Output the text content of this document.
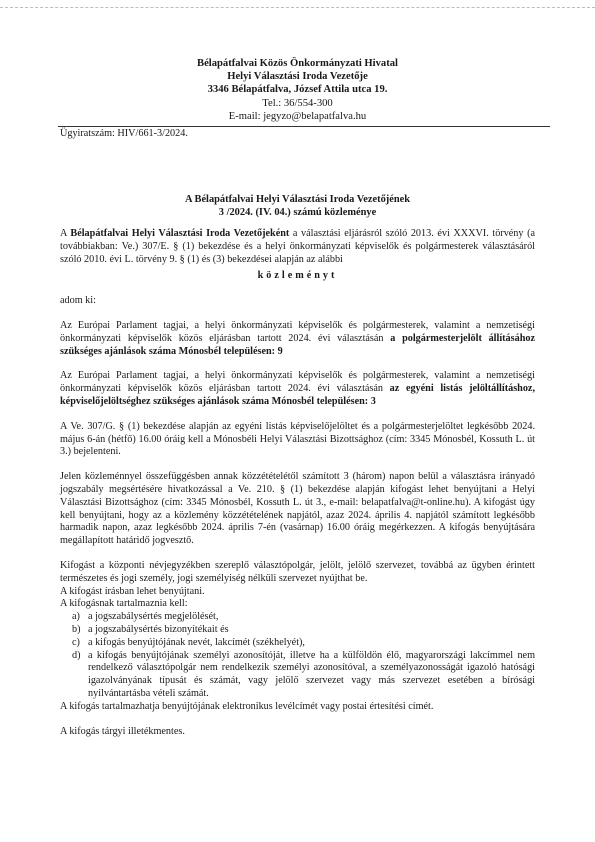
Bélapátfalvai Közös Önkormányzati Hivatal
Helyi Választási Iroda Vezetője
3346 Bélapátfalva, József Attila utca 19.
Tel.: 36/554-300
E-mail: jegyzo@belapatfalva.hu
Ügyiratszám: HIV/661-3/2024.
A Bélapátfalvai Helyi Választási Iroda Vezetőjének
3 /2024. (IV. 04.) számú közleménye

A Bélapátfalvai Helyi Választási Iroda Vezetőjeként a választási eljárásról szóló 2013. évi XXXVI. törvény (a továbbiakban: Ve.) 307/E. § (1) bekezdése és a helyi önkormányzati képviselők és polgármesterek választásáról szóló 2010. évi L. törvény 9. § (1) és (3) bekezdései alapján az alábbi

közleményt

adom ki:

Az Európai Parlament tagjai, a helyi önkormányzati képviselők és polgármesterek, valamint a nemzetiségi önkormányzati képviselők közös eljárásban tartott 2024. évi választásán a polgármesterjelölt állításához szükséges ajánlások száma Mónosbél településen: 9

Az Európai Parlament tagjai, a helyi önkormányzati képviselők és polgármesterek, valamint a nemzetiségi önkormányzati képviselők közös eljárásban tartott 2024. évi választásán az egyéni listás jelöltállításhoz, képviselőjelöltséghez szükséges ajánlások száma Mónosbél településen: 3

A Ve. 307/G. § (1) bekezdése alapján az egyéni listás képviselőjelöltet és a polgármesterjelöltet legkésőbb 2024. május 6-án (hétfő) 16.00 óráig kell a Mónosbéli Helyi Választási Bizottsághoz (cím: 3345 Mónosbél, Kossuth L. út 3.) bejelenteni.

Jelen közleménnyel összefüggésben annak közzétételétől számított 3 (három) napon belül a választásra irányadó jogszabály megsértésére hivatkozással a Ve. 210. § (1) bekezdése alapján kifogást lehet benyújtani a Helyi Választási Bizottsághoz (cím: 3345 Mónosbél, Kossuth L. út 3., e-mail: belapatfalva@t-online.hu). A kifogást úgy kell benyújtani, hogy az a közlemény közzétételének napjától, azaz 2024. április 4. napjától számított legkésőbb harmadik napon, azaz legkésőbb 2024. április 7-én (vasárnap) 16.00 óráig megérkezzen. A kifogás benyújtására megállapított határidő jogvesztő.

Kifogást a központi névjegyzékben szereplő választópolgár, jelölt, jelölő szervezet, továbbá az ügyben érintett természetes és jogi személy, jogi személyiség nélküli szervezet nyújthat be.

A kifogást írásban lehet benyújtani.

A kifogásnak tartalmaznia kell:

a) a jogszabálysértés megjelölését,
b) a jogszabálysértés bizonyítékait és
c) a kifogás benyújtójának nevét, lakcímét (székhelyét),
d) a kifogás benyújtójának személyi azonosítóját, illetve ha a külföldön élő, magyarországi lakcímmel nem rendelkező választópolgár nem rendelkezik személyi azonosítóval, a személyazonosságát igazoló hatósági igazolványának típusát és számát, vagy jelölő szervezet vagy más szervezet esetében a bírósági nyilvántartásba vételi számát.

A kifogás tartalmazhatja benyújtójának elektronikus levélcímét vagy postai értesítési címét.

A kifogás tárgyi illetékmentes.
